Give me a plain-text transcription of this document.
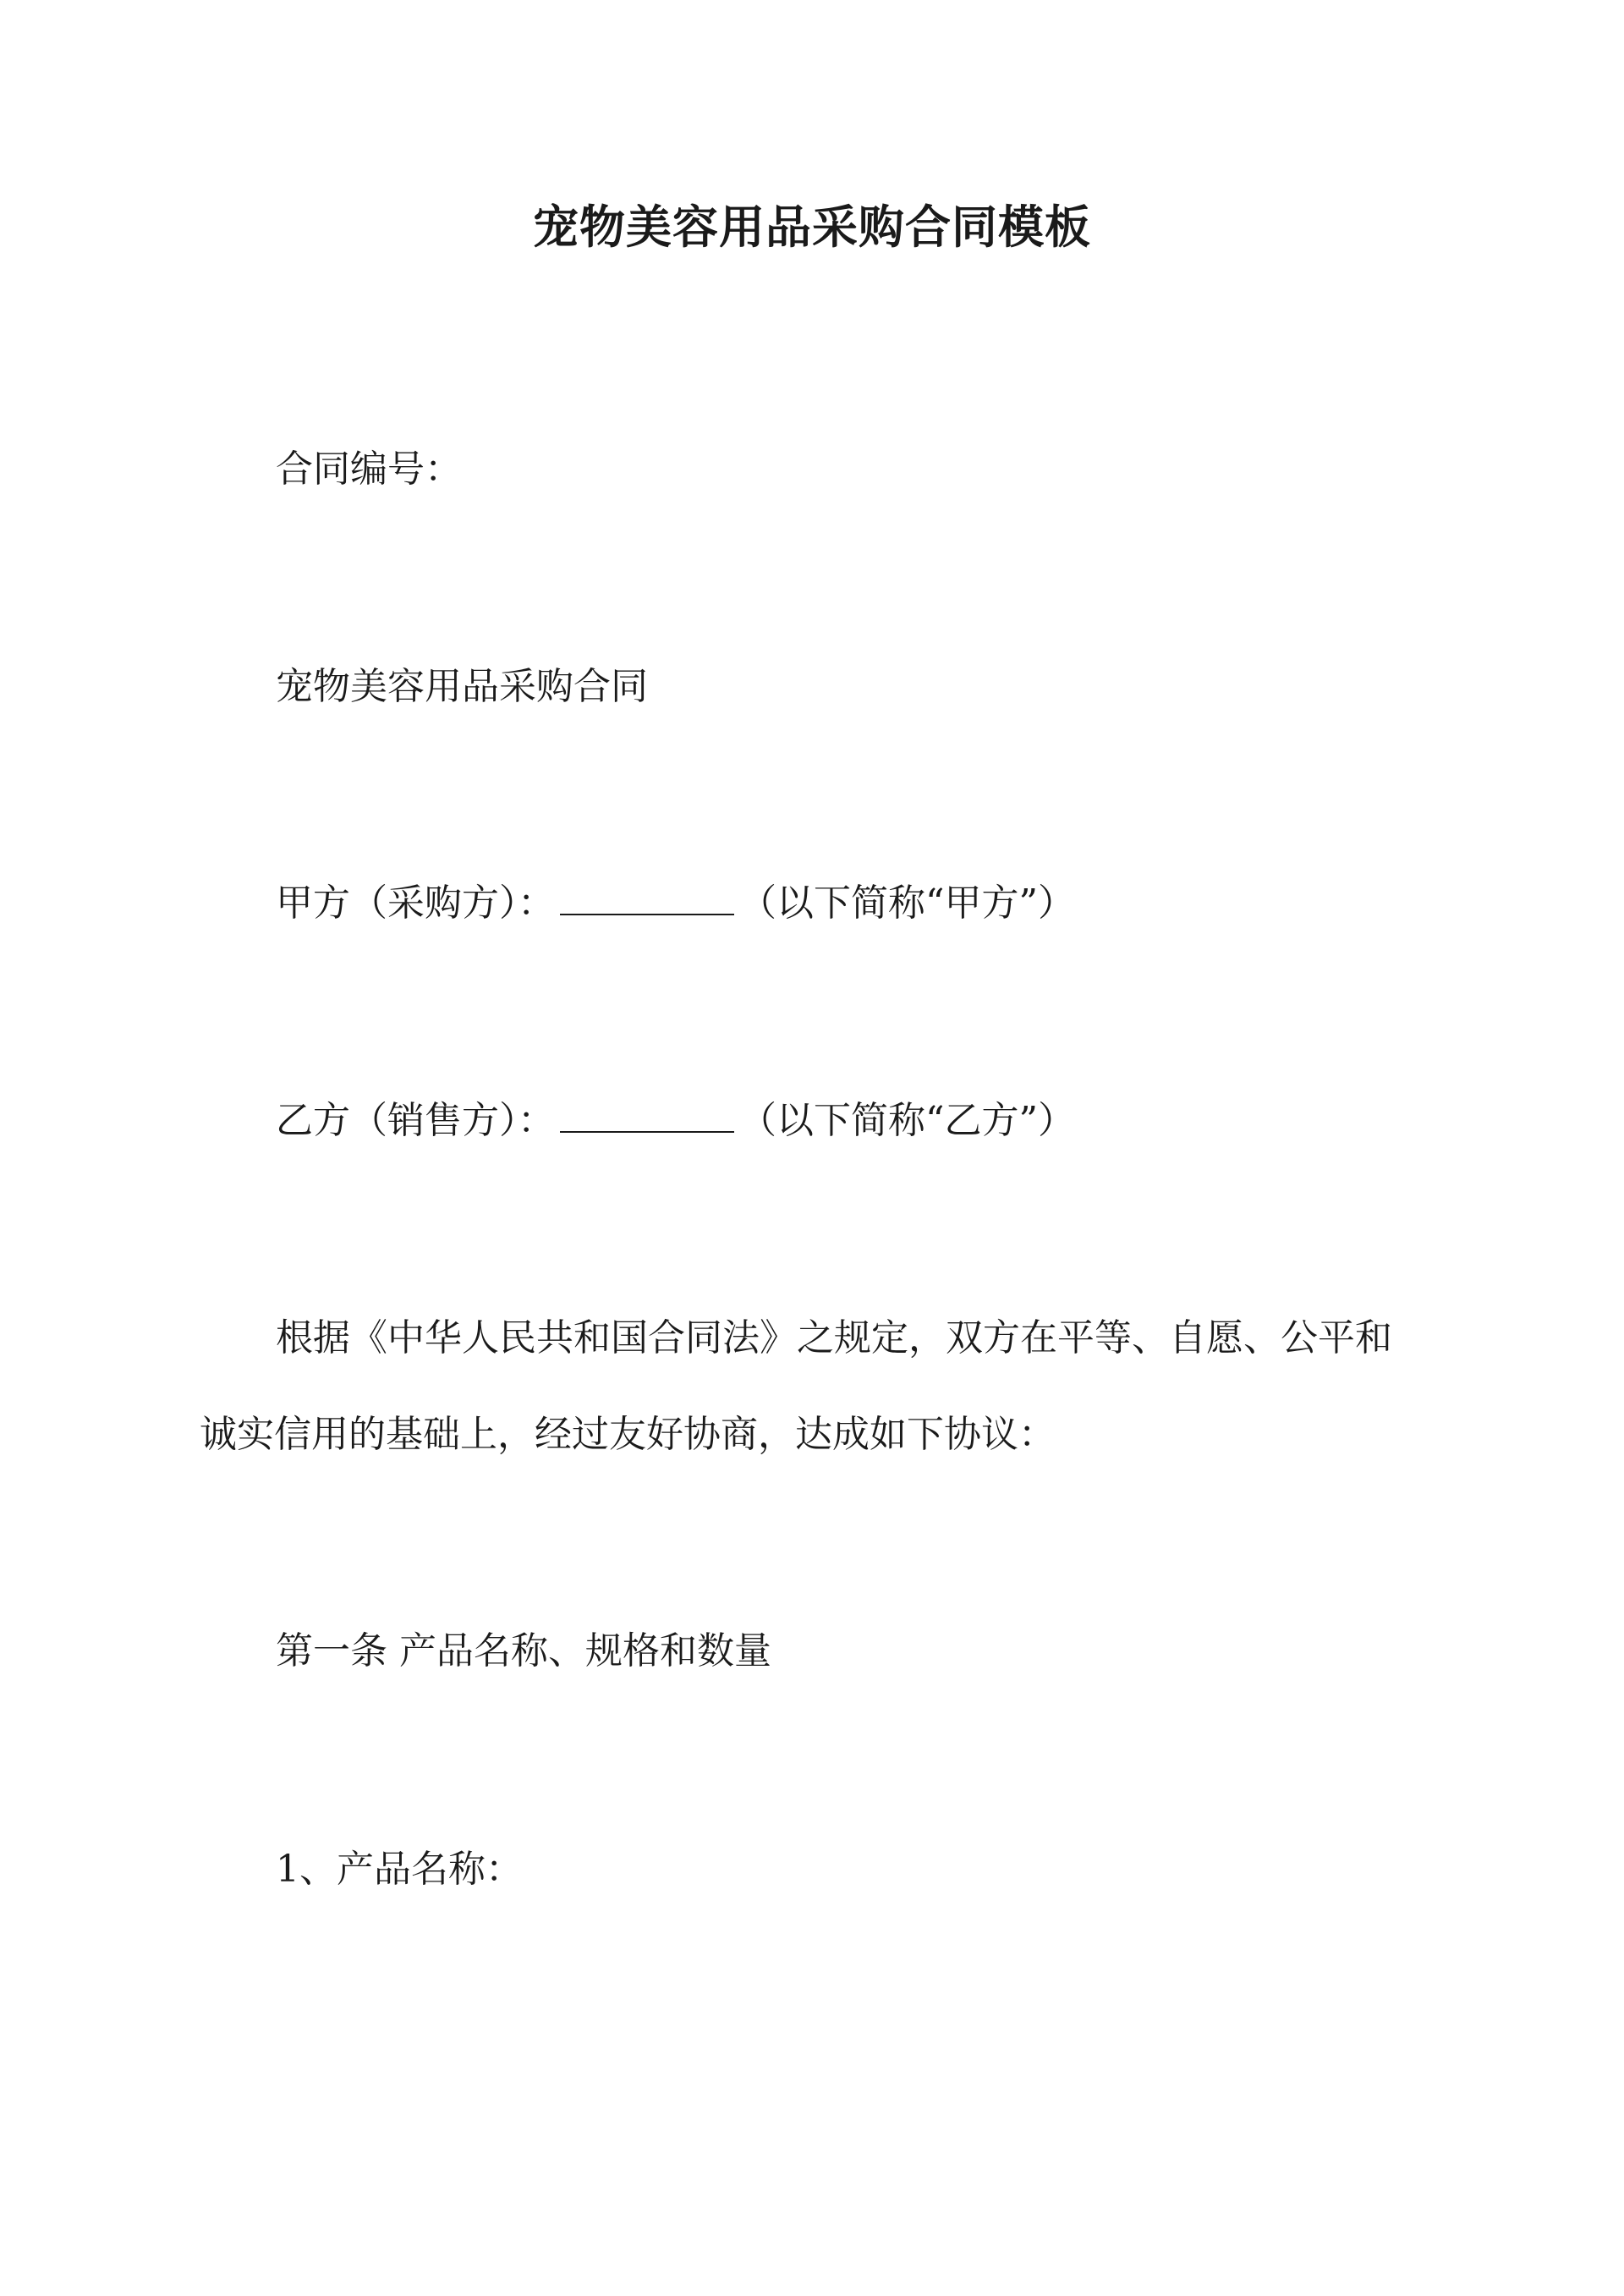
宠物美容用品采购合同模板

合同编号：

宠物美容用品采购合同

甲方（采购方）：	（以下简称“甲方”）

乙方（销售方）：	（以下简称“乙方”）

根据《中华人民共和国合同法》之规定，双方在平等、自愿、公平和

诚实信用的基础上，经过友好协商，达成如下协议：

第一条 产品名称、规格和数量

1、产品名称：
